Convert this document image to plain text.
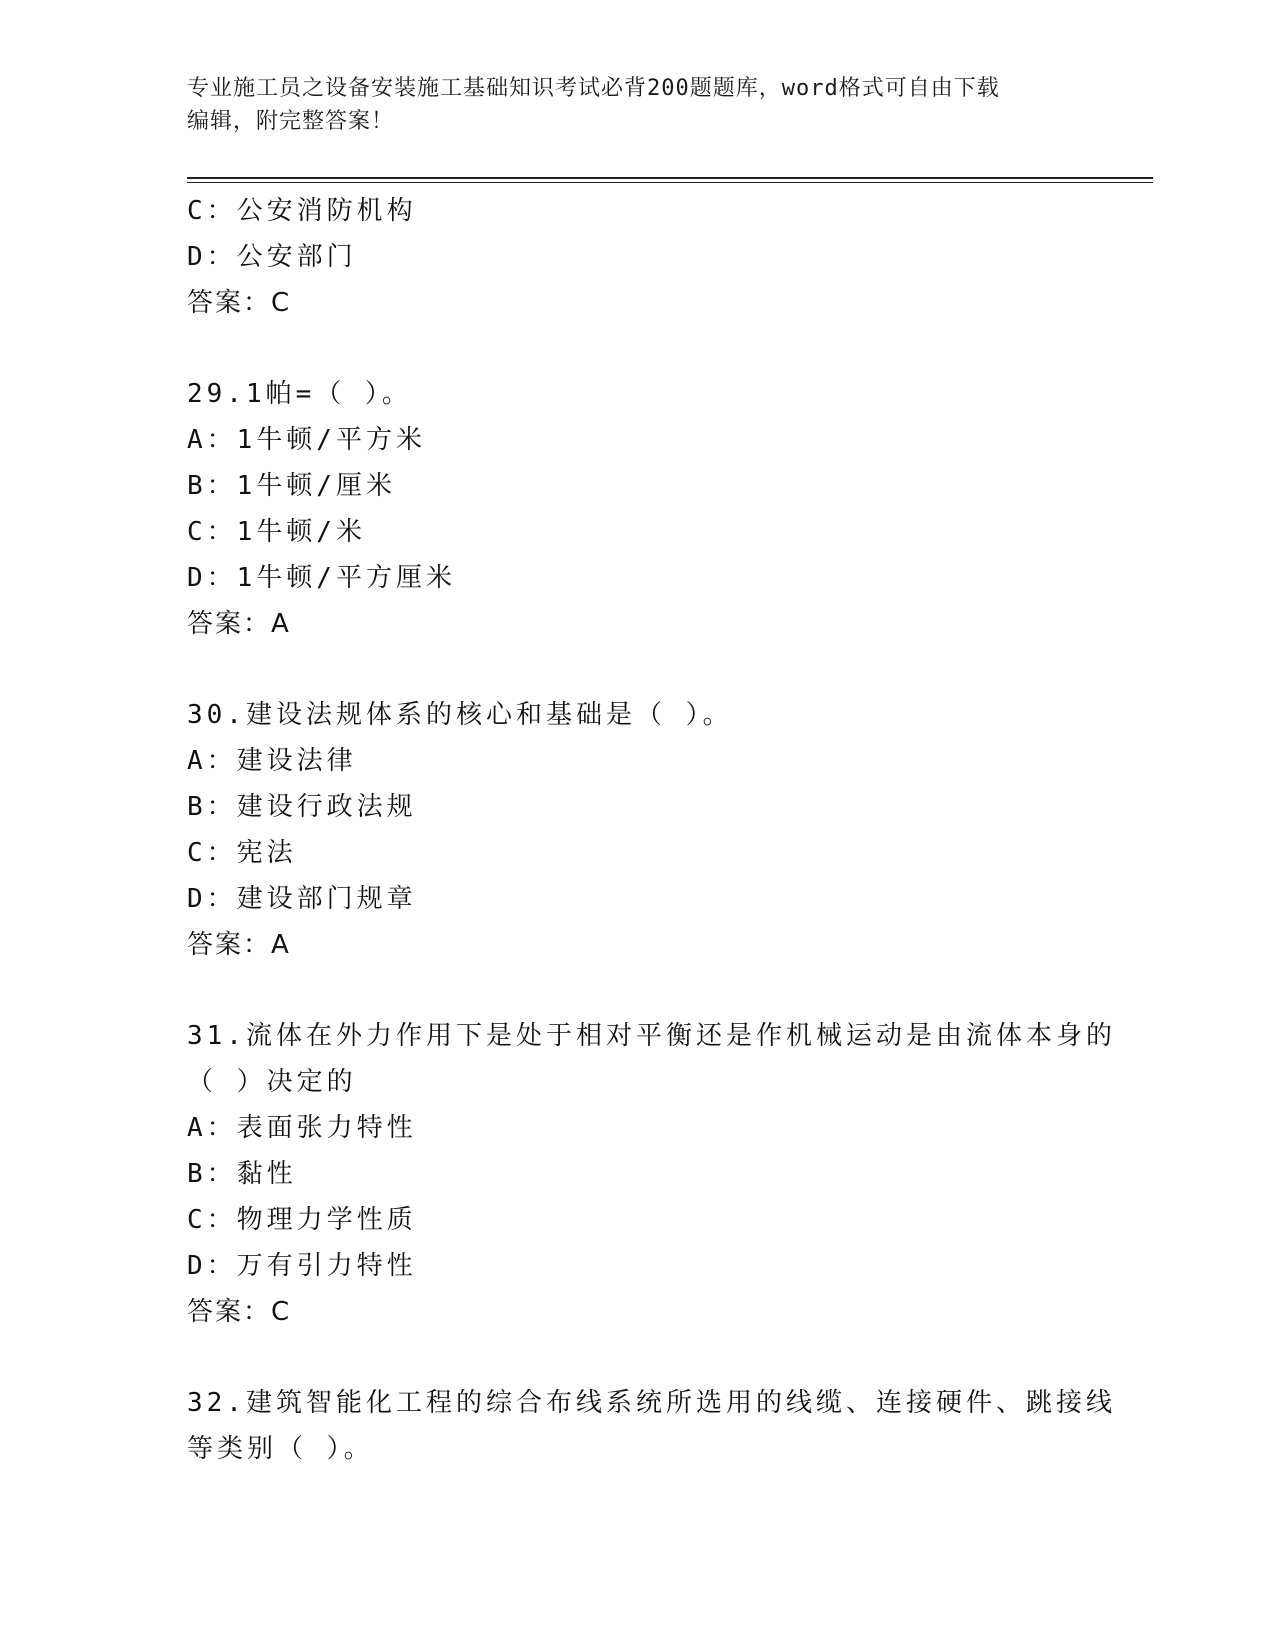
专业施工员之设备安装施工基础知识考试必背200题题库，word格式可自由下载
编辑，附完整答案！
C：公安消防机构
D：公安部门
答案：C
29.1帕=（ ）。
A：1牛顿/平方米
B：1牛顿/厘米
C：1牛顿/米
D：1牛顿/平方厘米
答案：A
30.建设法规体系的核心和基础是（ ）。
A：建设法律
B：建设行政法规
C：宪法
D：建设部门规章
答案：A
31.流体在外力作用下是处于相对平衡还是作机械运动是由流体本身的
（ ）决定的
A：表面张力特性
B：黏性
C：物理力学性质
D：万有引力特性
答案：C
32.建筑智能化工程的综合布线系统所选用的线缆、连接硬件、跳接线
等类别（ ）。
